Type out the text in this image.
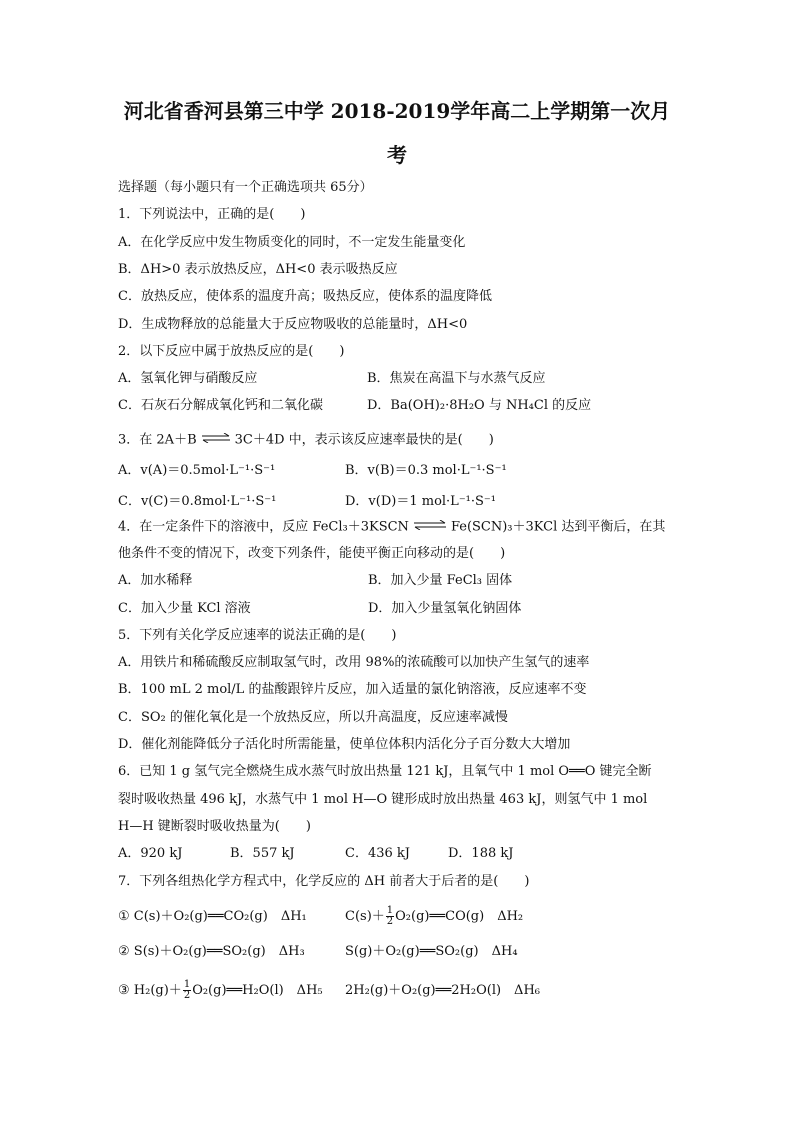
河北省香河县第三中学 2018-2019学年高二上学期第一次月
考
选择题（每小题只有一个正确选项共 65分）
1．下列说法中，正确的是(　　)
A．在化学反应中发生物质变化的同时，不一定发生能量变化
B．ΔH>0 表示放热反应，ΔH<0 表示吸热反应
C．放热反应，使体系的温度升高；吸热反应，使体系的温度降低
D．生成物释放的总能量大于反应物吸收的总能量时，ΔH<0
2．以下反应中属于放热反应的是(　　)
A．氢氧化钾与硝酸反应	B．焦炭在高温下与水蒸气反应
C．石灰石分解成氧化钙和二氧化碳	D．Ba(OH)₂·8H₂O 与 NH₄Cl 的反应
3．在 2A＋B ⇌ 3C＋4D 中，表示该反应速率最快的是(　　)
A．v(A)＝0.5mol·L⁻¹·S⁻¹	B．v(B)＝0.3 mol·L⁻¹·S⁻¹
C．v(C)＝0.8mol·L⁻¹·S⁻¹	D．v(D)＝1 mol·L⁻¹·S⁻¹
4．在一定条件下的溶液中，反应 FeCl₃＋3KSCN ⇌ Fe(SCN)₃＋3KCl 达到平衡后，在其
他条件不变的情况下，改变下列条件，能使平衡正向移动的是(　　)
A．加水稀释	B．加入少量 FeCl₃ 固体
C．加入少量 KCl 溶液	D．加入少量氢氧化钠固体
5．下列有关化学反应速率的说法正确的是(　　)
A．用铁片和稀硫酸反应制取氢气时，改用 98%的浓硫酸可以加快产生氢气的速率
B．100 mL 2 mol/L 的盐酸跟锌片反应，加入适量的氯化钠溶液，反应速率不变
C．SO₂ 的催化氧化是一个放热反应，所以升高温度，反应速率减慢
D．催化剂能降低分子活化时所需能量，使单位体积内活化分子百分数大大增加
6．已知 1 g 氢气完全燃烧生成水蒸气时放出热量 121 kJ，且氧气中 1 mol O══O 键完全断
裂时吸收热量 496 kJ，水蒸气中 1 mol H—O 键形成时放出热量 463 kJ，则氢气中 1 mol
H—H 键断裂时吸收热量为(　　)
A．920 kJ	B．557 kJ	C．436 kJ	D．188 kJ
7．下列各组热化学方程式中，化学反应的 ΔH 前者大于后者的是(　　)
① C(s)＋O₂(g)══CO₂(g)　ΔH₁	$C(s)+ \frac{1}{2}$ O₂(g)══CO(g)　ΔH₂
② S(s)＋O₂(g)══SO₂(g)　ΔH₃	S(g)＋O₂(g)══SO₂(g)　ΔH₄
③ $H_2(g)+ \frac{1}{2}$ O₂(g)══H₂O(l)　ΔH₅ 2H₂(g)＋O₂(g)══2H₂O(l)　ΔH₆
